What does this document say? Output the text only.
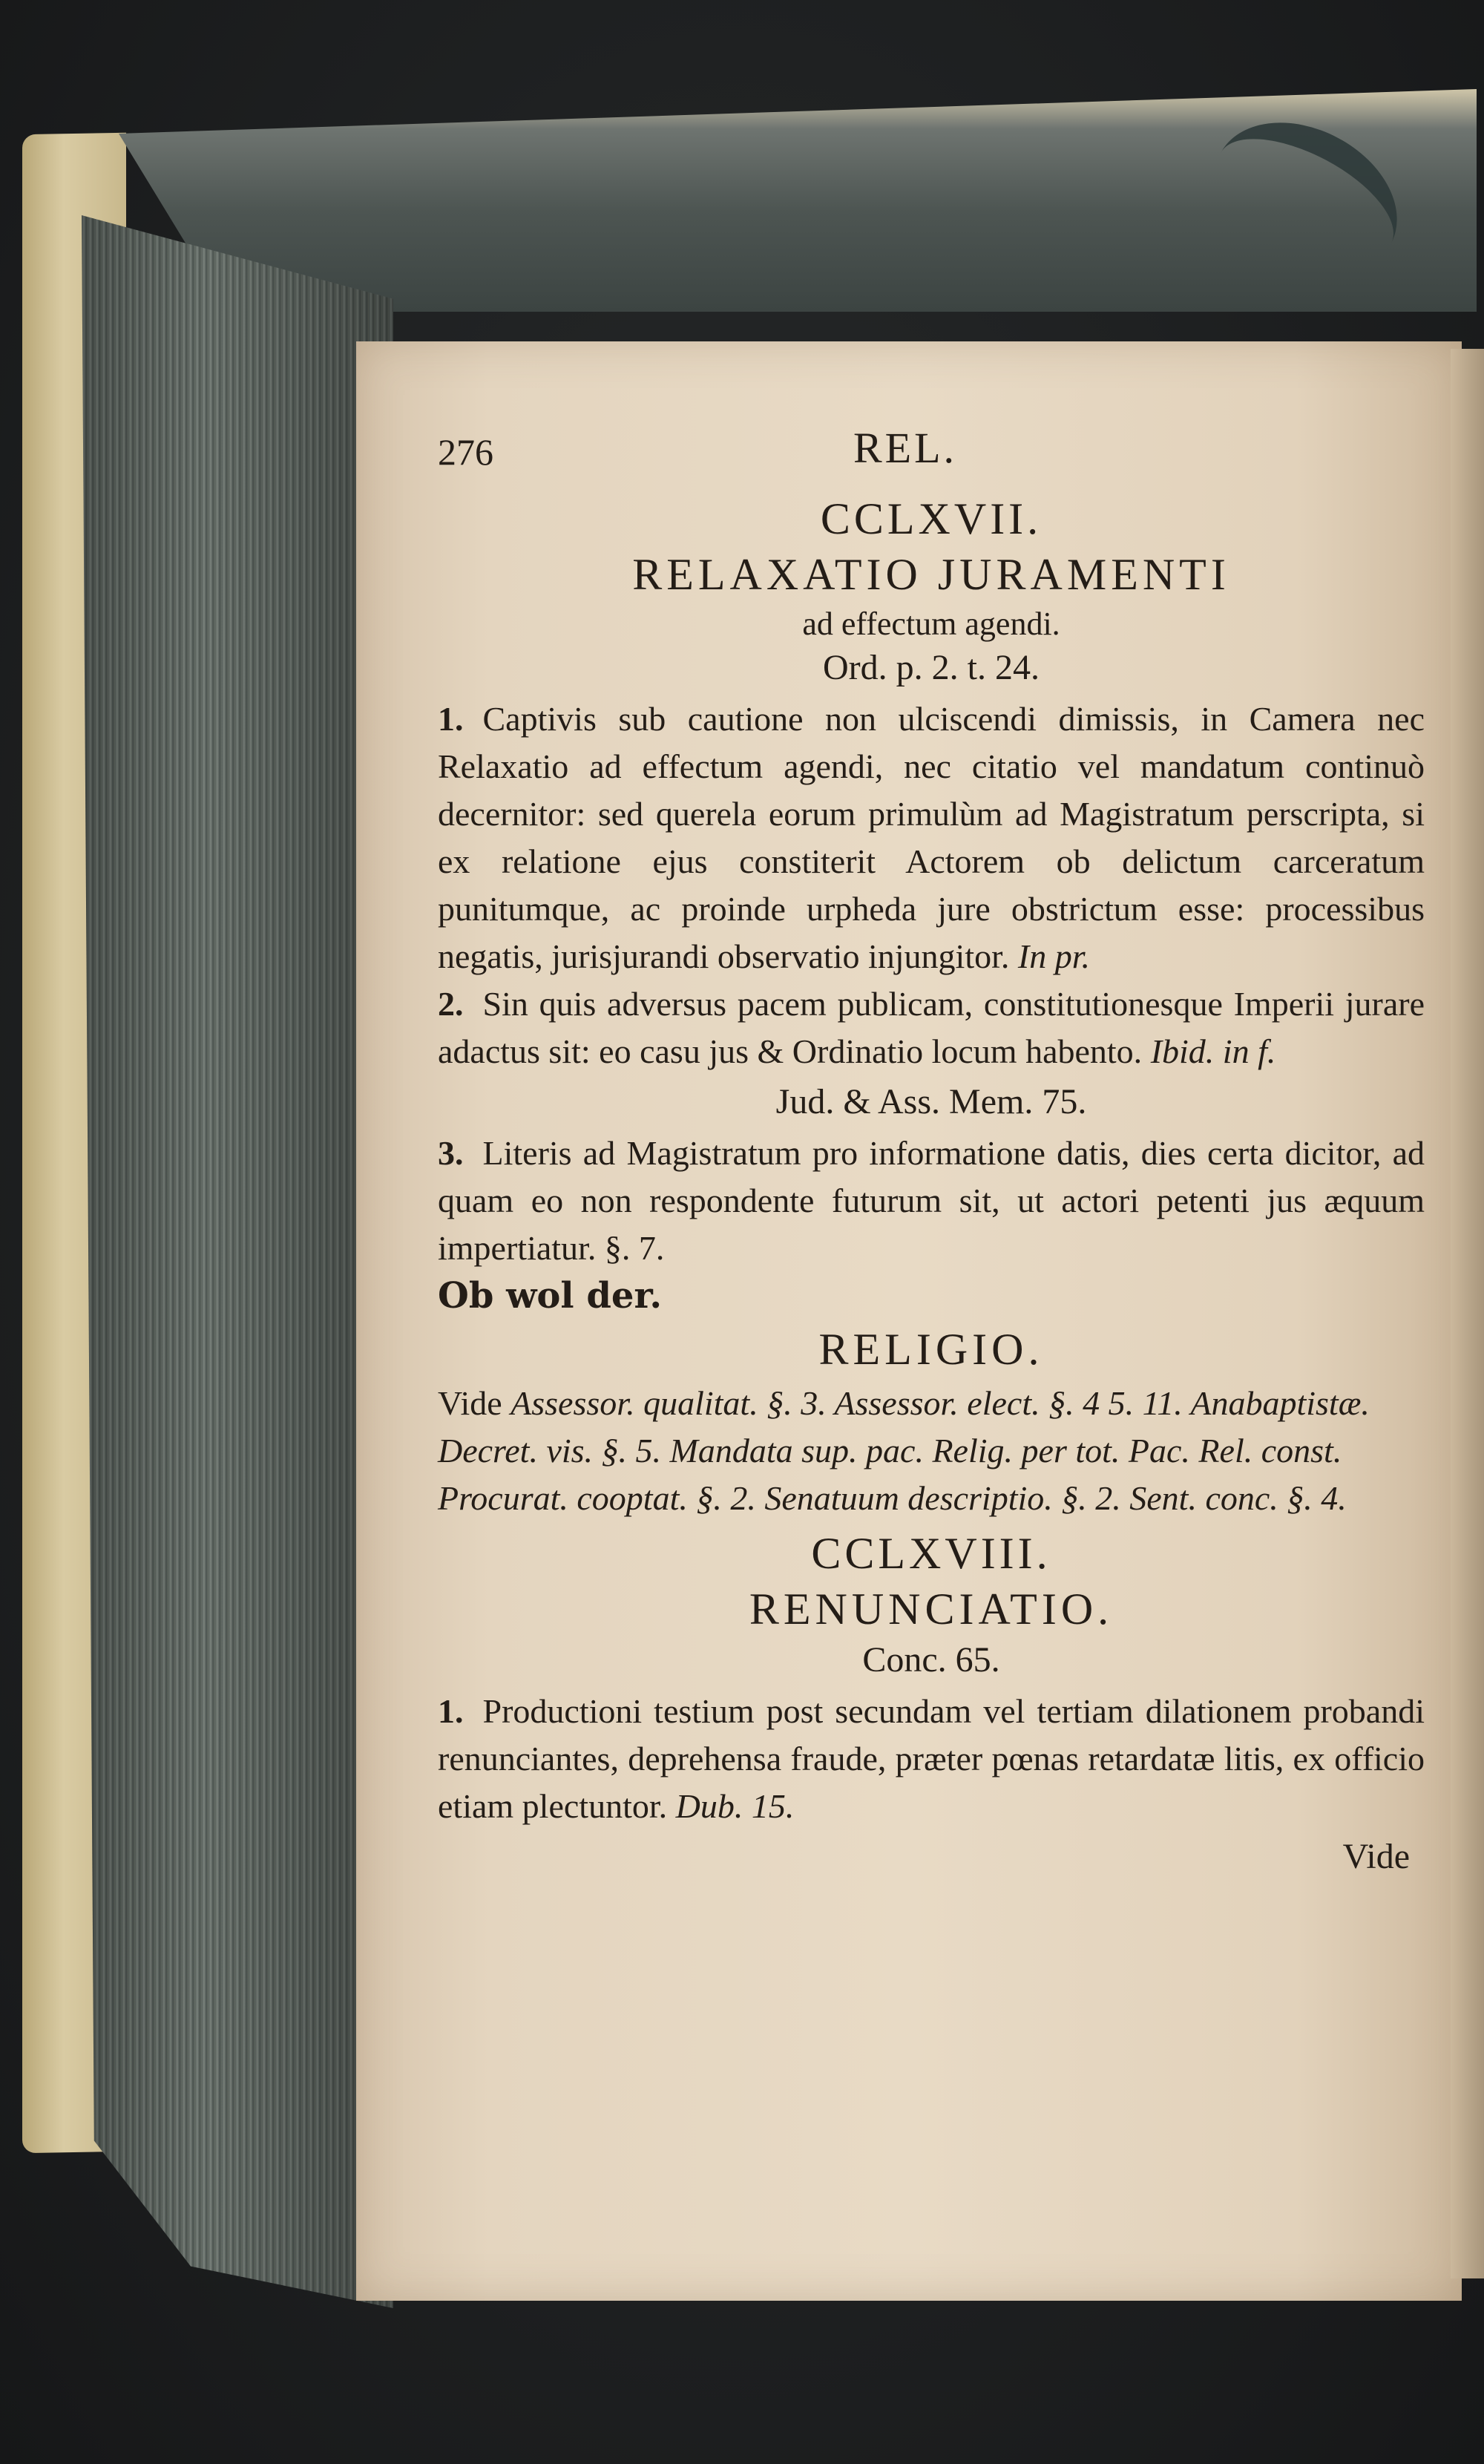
276	REL.
CCLXVII.
RELAXATIO JURAMENTI
ad effectum agendi.
Ord. p. 2. t. 24.

1. Captivis sub cautione non ulciscendi dimissis, in Camera nec Relaxatio ad effectum agendi, nec citatio vel mandatum continuò decernitor: sed querela eorum primulùm ad Magistratum perscripta, si ex relatione ejus constiterit Actorem ob delictum carceratum punitumque, ac proinde urpheda jure obstrictum esse: processibus negatis, jurisjurandi observatio injungitor. In pr.

2. Sin quis adversus pacem publicam, constitutionesque Imperii jurare adactus sit: eo casu jus & Ordinatio locum habento. Ibid. in f.

Jud. & Ass. Mem. 75.

3. Literis ad Magistratum pro informatione datis, dies certa dicitor, ad quam eo non respondente futurum sit, ut actori petenti jus æquum impertiatur. §. 7.

Ob wol der.
RELIGIO.

Vide Assessor. qualitat. §. 3. Assessor. elect. §. 4 5. 11. Anabaptistæ. Decret. vis. §. 5. Mandata sup. pac. Relig. per tot. Pac. Rel. const. Procurat. cooptat. §. 2. Senatuum descriptio. §. 2. Sent. conc. §. 4.

CCLXVIII.
RENUNCIATIO.
Conc. 65.

1. Productioni testium post secundam vel tertiam dilationem probandi renunciantes, deprehensa fraude, præter pœnas retardatæ litis, ex officio etiam plectuntor. Dub. 15.

Vide
